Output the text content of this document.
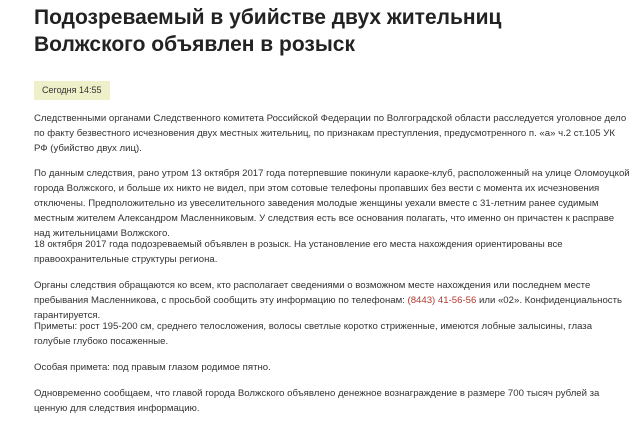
Подозреваемый в убийстве двух жительниц Волжского объявлен в розыск
Сегодня 14:55

Следственными органами Следственного комитета Российской Федерации по Волгоградской области расследуется уголовное дело по факту безвестного исчезновения двух местных жительниц, по признакам преступления, предусмотренного п. «а» ч.2 ст.105 УК РФ (убийство двух лиц).

По данным следствия, рано утром 13 октября 2017 года потерпевшие покинули караоке-клуб, расположенный на улице Оломоуцкой города Волжского, и больше их никто не видел, при этом сотовые телефоны пропавших без вести с момента их исчезновения отключены. Предположительно из увеселительного заведения молодые женщины уехали вместе с 31-летним ранее судимым местным жителем Александром Масленниковым. У следствия есть все основания полагать, что именно он причастен к расправе над жительницами Волжского.

18 октября 2017 года подозреваемый объявлен в розыск. На установление его места нахождения ориентированы все правоохранительные структуры региона.

Органы следствия обращаются ко всем, кто располагает сведениями о возможном месте нахождения или последнем месте пребывания Масленникова, с просьбой сообщить эту информацию по телефонам: (8443) 41-56-56 или «02». Конфиденциальность гарантируется.

Приметы: рост 195-200 см, среднего телосложения, волосы светлые коротко стриженные, имеются лобные залысины, глаза голубые глубоко посаженные.

Особая примета: под правым глазом родимое пятно.

Одновременно сообщаем, что главой города Волжского объявлено денежное вознаграждение в размере 700 тысяч рублей за ценную для следствия информацию.
